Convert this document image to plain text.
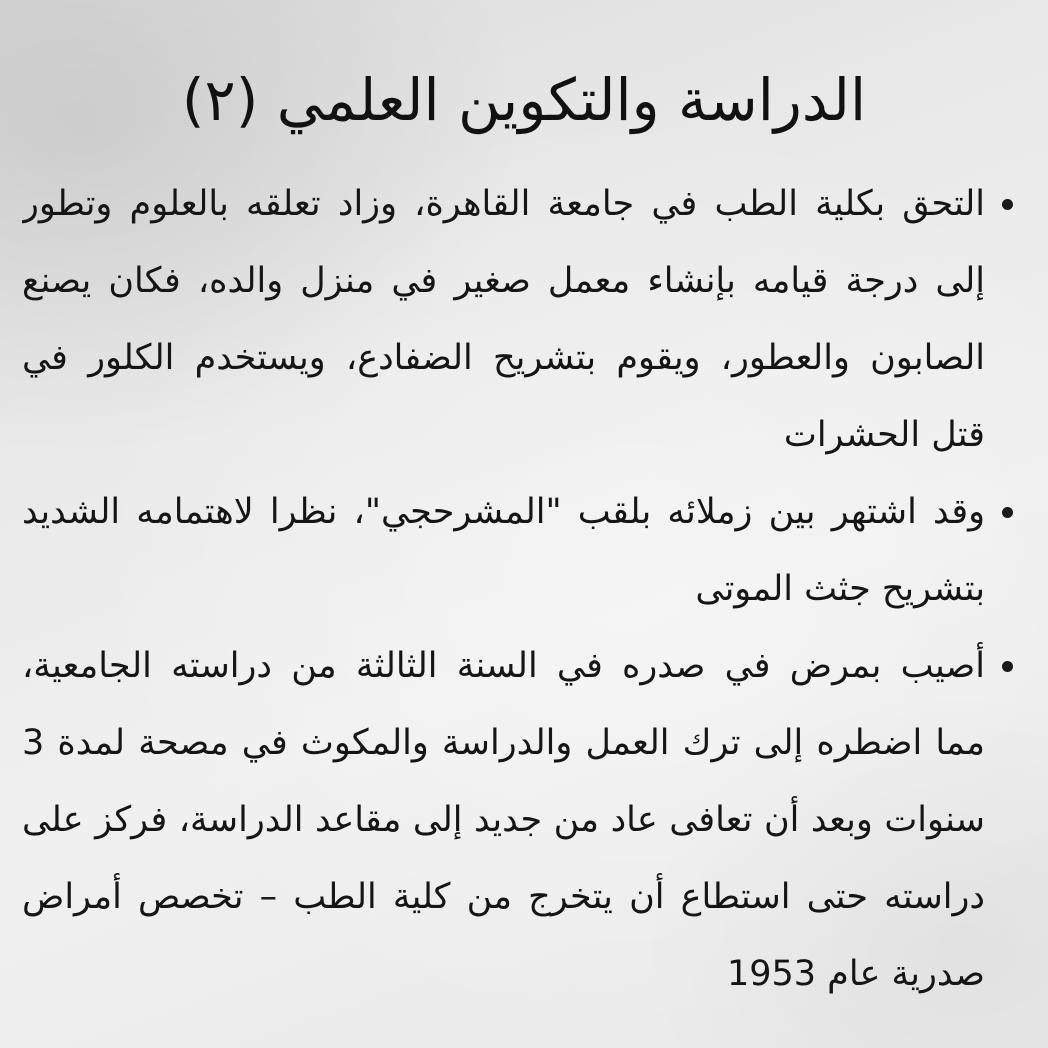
الدراسة والتكوين العلمي (٢)
التحق بكلية الطب في جامعة القاهرة، وزاد تعلقه بالعلوم وتطور
إلى درجة قيامه بإنشاء معمل صغير في منزل والده، فكان يصنع
الصابون والعطور، ويقوم بتشريح الضفادع، ويستخدم الكلور في
قتل الحشرات
وقد اشتهر بين زملائه بلقب "المشرحجي"، نظرا لاهتمامه الشديد
بتشريح جثث الموتى
أصيب بمرض في صدره في السنة الثالثة من دراسته الجامعية،
مما اضطره إلى ترك العمل والدراسة والمكوث في مصحة لمدة 3
سنوات وبعد أن تعافى عاد من جديد إلى مقاعد الدراسة، فركز على
دراسته حتى استطاع أن يتخرج من كلية الطب – تخصص أمراض
صدرية عام 1953
